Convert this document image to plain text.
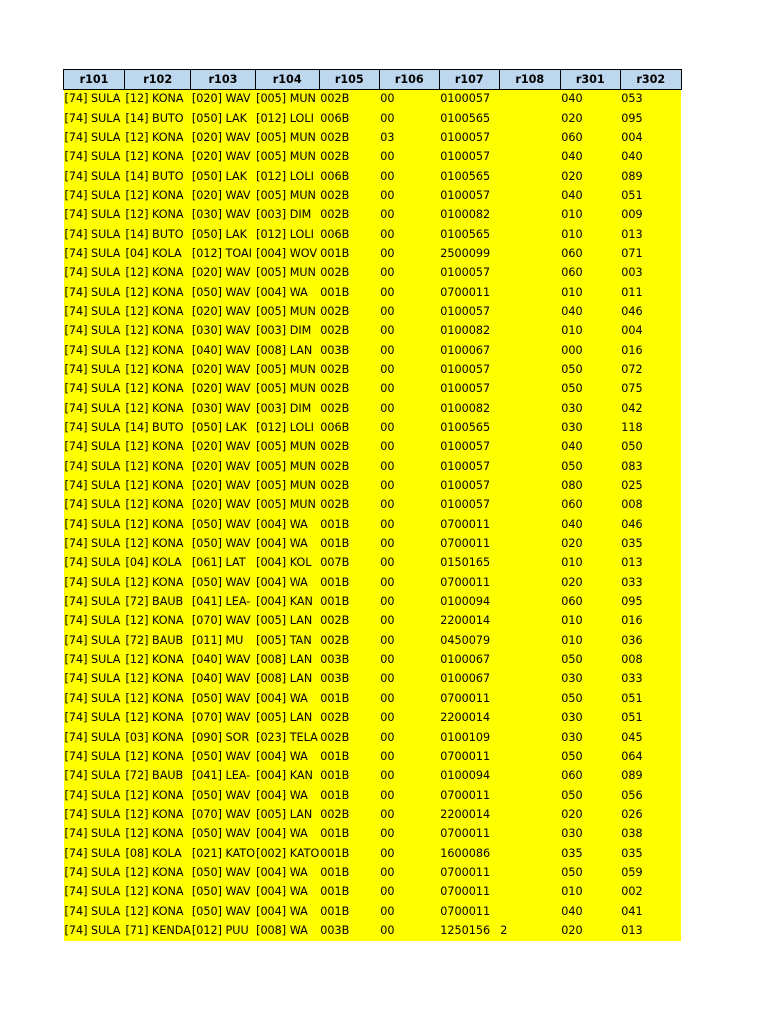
r101	r102	r103	r104	r105	r106	r107	r108	r301	r302
[74] SULA	[12] KONA	[020] WAV	[005] MUN	002B	00	0100057		040	053
[74] SULA	[14] BUTO	[050] LAK	[012] LOLI	006B	00	0100565		020	095
[74] SULA	[12] KONA	[020] WAV	[005] MUN	002B	03	0100057		060	004
[74] SULA	[12] KONA	[020] WAV	[005] MUN	002B	00	0100057		040	040
[74] SULA	[14] BUTO	[050] LAK	[012] LOLI	006B	00	0100565		020	089
[74] SULA	[12] KONA	[020] WAV	[005] MUN	002B	00	0100057		040	051
[74] SULA	[12] KONA	[030] WAV	[003] DIM	002B	00	0100082		010	009
[74] SULA	[14] BUTO	[050] LAK	[012] LOLI	006B	00	0100565		010	013
[74] SULA	[04] KOLA	[012] TOAI	[004] WOV	001B	00	2500099		060	071
[74] SULA	[12] KONA	[020] WAV	[005] MUN	002B	00	0100057		060	003
[74] SULA	[12] KONA	[050] WAV	[004] WA	001B	00	0700011		010	011
[74] SULA	[12] KONA	[020] WAV	[005] MUN	002B	00	0100057		040	046
[74] SULA	[12] KONA	[030] WAV	[003] DIM	002B	00	0100082		010	004
[74] SULA	[12] KONA	[040] WAV	[008] LAN	003B	00	0100067		000	016
[74] SULA	[12] KONA	[020] WAV	[005] MUN	002B	00	0100057		050	072
[74] SULA	[12] KONA	[020] WAV	[005] MUN	002B	00	0100057		050	075
[74] SULA	[12] KONA	[030] WAV	[003] DIM	002B	00	0100082		030	042
[74] SULA	[14] BUTO	[050] LAK	[012] LOLI	006B	00	0100565		030	118
[74] SULA	[12] KONA	[020] WAV	[005] MUN	002B	00	0100057		040	050
[74] SULA	[12] KONA	[020] WAV	[005] MUN	002B	00	0100057		050	083
[74] SULA	[12] KONA	[020] WAV	[005] MUN	002B	00	0100057		080	025
[74] SULA	[12] KONA	[020] WAV	[005] MUN	002B	00	0100057		060	008
[74] SULA	[12] KONA	[050] WAV	[004] WA	001B	00	0700011		040	046
[74] SULA	[12] KONA	[050] WAV	[004] WA	001B	00	0700011		020	035
[74] SULA	[04] KOLA	[061] LAT	[004] KOL	007B	00	0150165		010	013
[74] SULA	[12] KONA	[050] WAV	[004] WA	001B	00	0700011		020	033
[74] SULA	[72] BAUB	[041] LEA-	[004] KAN	001B	00	0100094		060	095
[74] SULA	[12] KONA	[070] WAV	[005] LAN	002B	00	2200014		010	016
[74] SULA	[72] BAUB	[011] MU	[005] TAN	002B	00	0450079		010	036
[74] SULA	[12] KONA	[040] WAV	[008] LAN	003B	00	0100067		050	008
[74] SULA	[12] KONA	[040] WAV	[008] LAN	003B	00	0100067		030	033
[74] SULA	[12] KONA	[050] WAV	[004] WA	001B	00	0700011		050	051
[74] SULA	[12] KONA	[070] WAV	[005] LAN	002B	00	2200014		030	051
[74] SULA	[03] KONA	[090] SOR	[023] TELA	002B	00	0100109		030	045
[74] SULA	[12] KONA	[050] WAV	[004] WA	001B	00	0700011		050	064
[74] SULA	[72] BAUB	[041] LEA-	[004] KAN	001B	00	0100094		060	089
[74] SULA	[12] KONA	[050] WAV	[004] WA	001B	00	0700011		050	056
[74] SULA	[12] KONA	[070] WAV	[005] LAN	002B	00	2200014		020	026
[74] SULA	[12] KONA	[050] WAV	[004] WA	001B	00	0700011		030	038
[74] SULA	[08] KOLA	[021] KATO	[002] KATO	001B	00	1600086		035	035
[74] SULA	[12] KONA	[050] WAV	[004] WA	001B	00	0700011		050	059
[74] SULA	[12] KONA	[050] WAV	[004] WA	001B	00	0700011		010	002
[74] SULA	[12] KONA	[050] WAV	[004] WA	001B	00	0700011		040	041
[74] SULA	[71] KENDA	[012] PUU	[008] WA	003B	00	1250156	2	020	013
